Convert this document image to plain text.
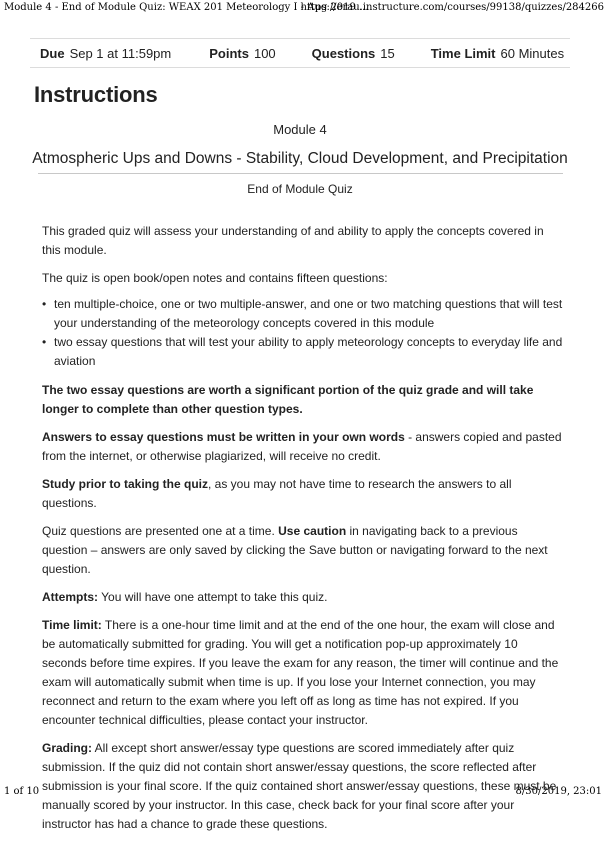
Module 4 - End of Module Quiz: WEAX 201 Meteorology I - Aug 2019 ...
https://erau.instructure.com/courses/99138/quizzes/284266
Due Sep 1 at 11:59pm	Points 100	Questions 15	Time Limit 60 Minutes
Instructions
Module 4
Atmospheric Ups and Downs - Stability, Cloud Development, and Precipitation
End of Module Quiz

This graded quiz will assess your understanding of and ability to apply the concepts covered in this module.

The quiz is open book/open notes and contains fifteen questions:

• ten multiple-choice, one or two multiple-answer, and one or two matching questions that will test your understanding of the meteorology concepts covered in this module
• two essay questions that will test your ability to apply meteorology concepts to everyday life and aviation

The two essay questions are worth a significant portion of the quiz grade and will take longer to complete than other question types.

Answers to essay questions must be written in your own words - answers copied and pasted from the internet, or otherwise plagiarized, will receive no credit.

Study prior to taking the quiz, as you may not have time to research the answers to all questions.

Quiz questions are presented one at a time. Use caution in navigating back to a previous question – answers are only saved by clicking the Save button or navigating forward to the next question.

Attempts: You will have one attempt to take this quiz.

Time limit: There is a one-hour time limit and at the end of the one hour, the exam will close and be automatically submitted for grading. You will get a notification pop-up approximately 10 seconds before time expires. If you leave the exam for any reason, the timer will continue and the exam will automatically submit when time is up. If you lose your Internet connection, you may reconnect and return to the exam where you left off as long as time has not expired. If you encounter technical difficulties, please contact your instructor.

Grading: All except short answer/essay type questions are scored immediately after quiz submission. If the quiz did not contain short answer/essay questions, the score reflected after submission is your final score. If the quiz contained short answer/essay questions, these must be manually scored by your instructor. In this case, check back for your final score after your instructor has had a chance to grade these questions.

1 of 10	8/30/2019, 23:01
